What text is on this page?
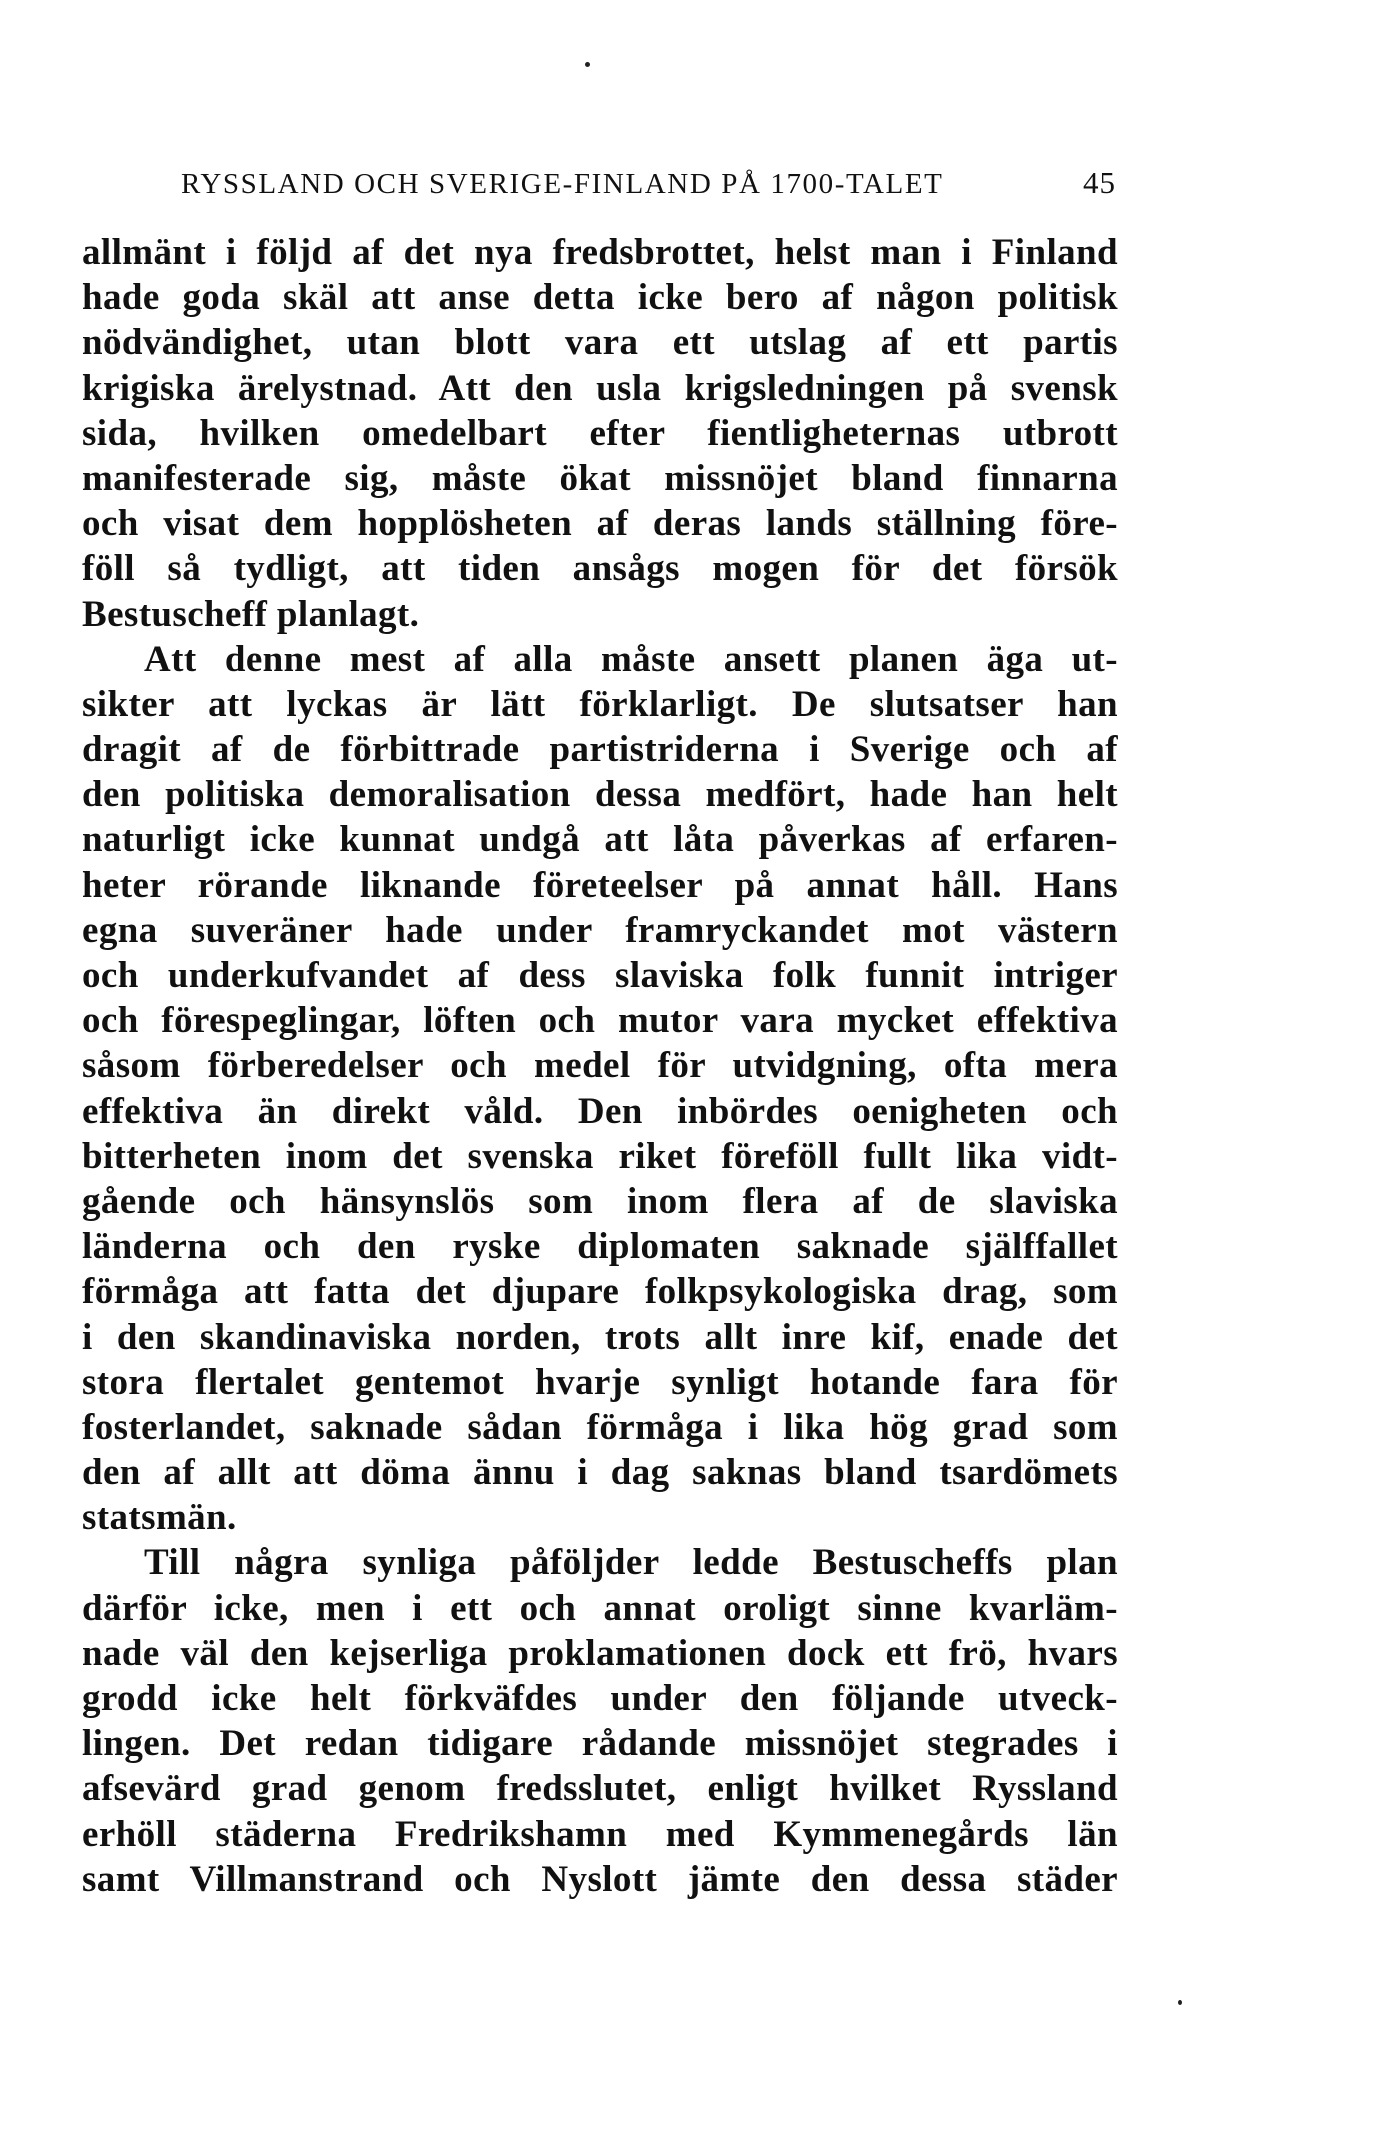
RYSSLAND OCH SVERIGE-FINLAND PÅ 1700-TALET	45
allmänt i följd af det nya fredsbrottet, helst man i Finland
hade goda skäl att anse detta icke bero af någon politisk
nödvändighet, utan blott vara ett utslag af ett partis
krigiska ärelystnad. Att den usla krigsledningen på svensk
sida, hvilken omedelbart efter fientligheternas utbrott
manifesterade sig, måste ökat missnöjet bland finnarna
och visat dem hopplösheten af deras lands ställning före-
föll så tydligt, att tiden ansågs mogen för det försök
Bestuscheff planlagt.
Att denne mest af alla måste ansett planen äga ut-
sikter att lyckas är lätt förklarligt. De slutsatser han
dragit af de förbittrade partistriderna i Sverige och af
den politiska demoralisation dessa medfört, hade han helt
naturligt icke kunnat undgå att låta påverkas af erfaren-
heter rörande liknande företeelser på annat håll. Hans
egna suveräner hade under framryckandet mot västern
och underkufvandet af dess slaviska folk funnit intriger
och förespeglingar, löften och mutor vara mycket effektiva
såsom förberedelser och medel för utvidgning, ofta mera
effektiva än direkt våld. Den inbördes oenigheten och
bitterheten inom det svenska riket föreföll fullt lika vidt-
gående och hänsynslös som inom flera af de slaviska
länderna och den ryske diplomaten saknade själffallet
förmåga att fatta det djupare folkpsykologiska drag, som
i den skandinaviska norden, trots allt inre kif, enade det
stora flertalet gentemot hvarje synligt hotande fara för
fosterlandet, saknade sådan förmåga i lika hög grad som
den af allt att döma ännu i dag saknas bland tsardömets
statsmän.
Till några synliga påföljder ledde Bestuscheffs plan
därför icke, men i ett och annat oroligt sinne kvarläm-
nade väl den kejserliga proklamationen dock ett frö, hvars
grodd icke helt förkväfdes under den följande utveck-
lingen. Det redan tidigare rådande missnöjet stegrades i
afsevärd grad genom fredsslutet, enligt hvilket Ryssland
erhöll städerna Fredrikshamn med Kymmenegårds län
samt Villmanstrand och Nyslott jämte den dessa städer
